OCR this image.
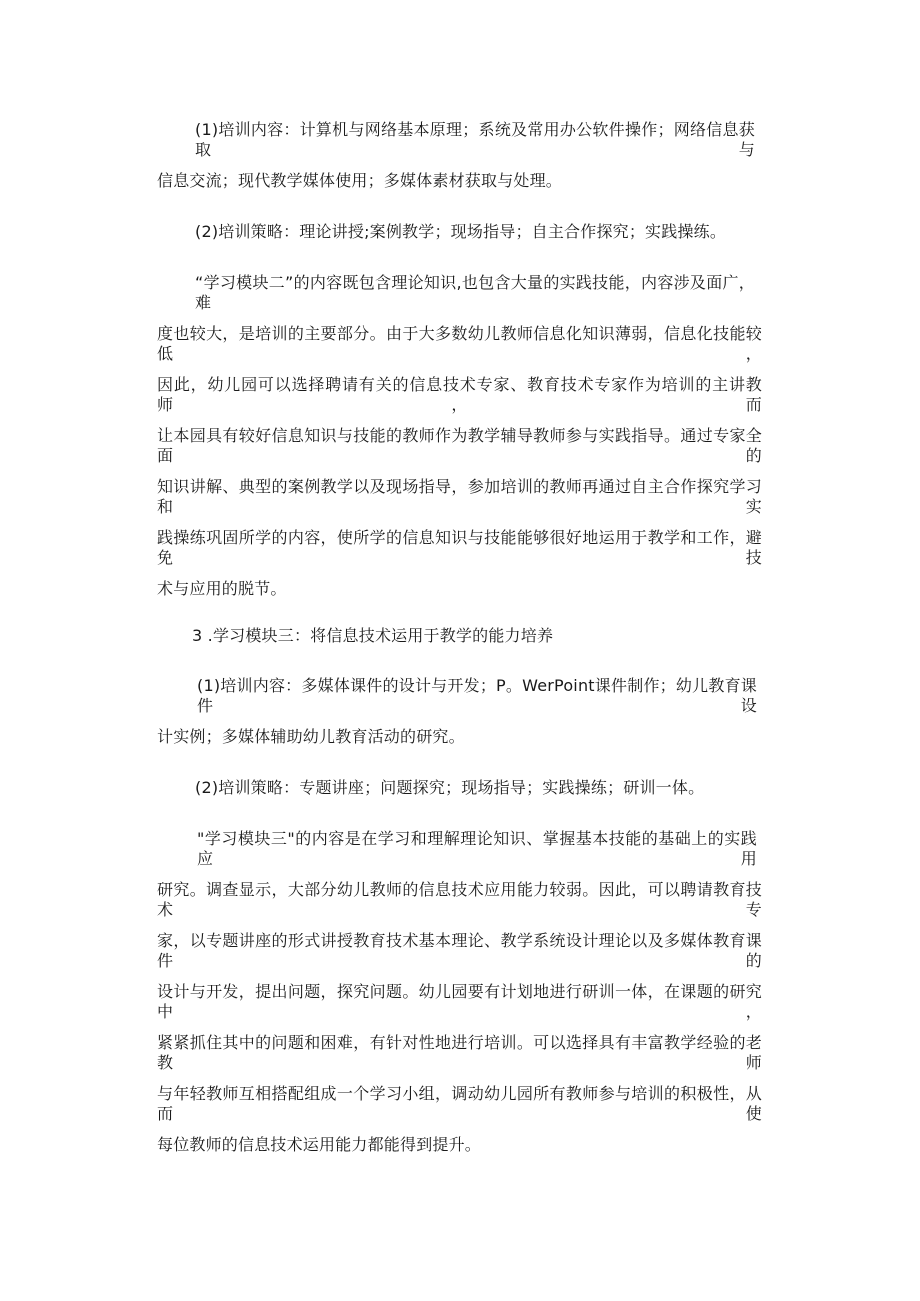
(1)培训内容：计算机与网络基本原理；系统及常用办公软件操作；网络信息获取与
信息交流；现代教学媒体使用；多媒体素材获取与处理。
(2)培训策略：理论讲授;案例教学；现场指导；自主合作探究；实践操练。
“学习模块二”的内容既包含理论知识,也包含大量的实践技能，内容涉及面广，难
度也较大，是培训的主要部分。由于大多数幼儿教师信息化知识薄弱，信息化技能较低，
因此，幼儿园可以选择聘请有关的信息技术专家、教育技术专家作为培训的主讲教师，而
让本园具有较好信息知识与技能的教师作为教学辅导教师参与实践指导。通过专家全面的
知识讲解、典型的案例教学以及现场指导，参加培训的教师再通过自主合作探究学习和实
践操练巩固所学的内容，使所学的信息知识与技能能够很好地运用于教学和工作，避免技
术与应用的脱节。
3 .学习模块三：将信息技术运用于教学的能力培养
(1)培训内容：多媒体课件的设计与开发；P。WerPoint课件制作；幼儿教育课件设
计实例；多媒体辅助幼儿教育活动的研究。
(2)培训策略：专题讲座；问题探究；现场指导；实践操练；研训一体。
"学习模块三"的内容是在学习和理解理论知识、掌握基本技能的基础上的实践应用
研究。调查显示，大部分幼儿教师的信息技术应用能力较弱。因此，可以聘请教育技术专
家，以专题讲座的形式讲授教育技术基本理论、教学系统设计理论以及多媒体教育课件的
设计与开发，提出问题，探究问题。幼儿园要有计划地进行研训一体，在课题的研究中，
紧紧抓住其中的问题和困难，有针对性地进行培训。可以选择具有丰富教学经验的老教师
与年轻教师互相搭配组成一个学习小组，调动幼儿园所有教师参与培训的积极性，从而使
每位教师的信息技术运用能力都能得到提升。
